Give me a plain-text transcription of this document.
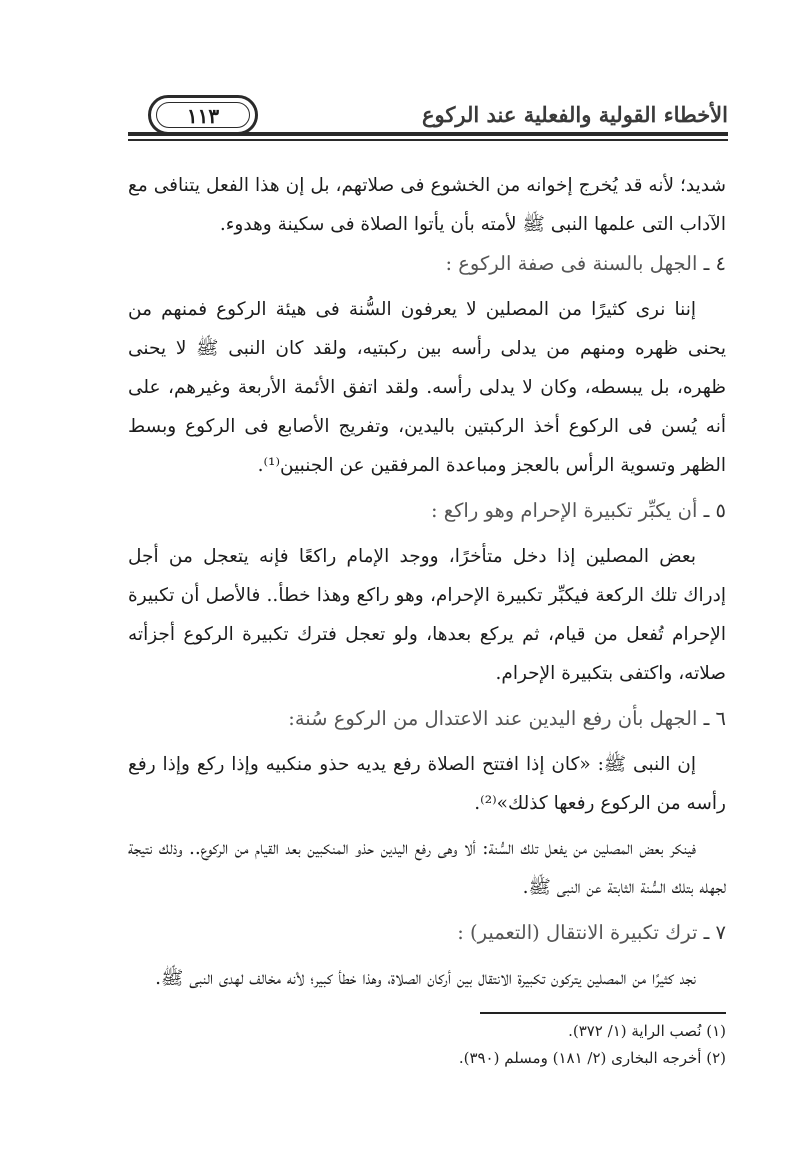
١١٣	الأخطاء القولية والفعلية عند الركوع

شديد؛ لأنه قد يُخرج إخوانه من الخشوع فى صلاتهم، بل إن هذا الفعل يتنافى مع الآداب التى علمها النبى ﷺ لأمته بأن يأتوا الصلاة فى سكينة وهدوء.

٤ ـ الجهل بالسنة فى صفة الركوع :

إننا نرى كثيرًا من المصلين لا يعرفون السُّنة فى هيئة الركوع فمنهم من يحنى ظهره ومنهم من يدلى رأسه بين ركبتيه، ولقد كان النبى ﷺ لا يحنى ظهره، بل يبسطه، وكان لا يدلى رأسه. ولقد اتفق الأئمة الأربعة وغيرهم، على أنه يُسن فى الركوع أخذ الركبتين باليدين، وتفريج الأصابع فى الركوع وبسط الظهر وتسوية الرأس بالعجز ومباعدة المرفقين عن الجنبين⁽¹⁾.

٥ ـ أن يكبِّر تكبيرة الإحرام وهو راكع :

بعض المصلين إذا دخل متأخرًا، ووجد الإمام راكعًا فإنه يتعجل من أجل إدراك تلك الركعة فيكبِّر تكبيرة الإحرام، وهو راكع وهذا خطأ.. فالأصل أن تكبيرة الإحرام تُفعل من قيام، ثم يركع بعدها، ولو تعجل فترك تكبيرة الركوع أجزأته صلاته، واكتفى بتكبيرة الإحرام.

٦ ـ الجهل بأن رفع اليدين عند الاعتدال من الركوع سُنة:

إن النبى ﷺ: «كان إذا افتتح الصلاة رفع يديه حذو منكبيه وإذا ركع وإذا رفع رأسه من الركوع رفعها كذلك»⁽²⁾.

فينكر بعض المصلين من يفعل تلك السُّنة: ألا وهى رفع اليدين حذو المنكبين بعد القيام من الركوع.. وذلك نتيجة لجهله بتلك السُّنة الثابتة عن النبى ﷺ.

٧ ـ ترك تكبيرة الانتقال (التعمير) :

نجد كثيرًا من المصلين يتركون تكبيرة الانتقال بين أركان الصلاة، وهذا خطأ كبير؛ لأنه مخالف لهدى النبى ﷺ.

(١) نُصب الراية (١/ ٣٧٢).

(٢) أخرجه البخارى (٢/ ١٨١) ومسلم (٣٩٠).
